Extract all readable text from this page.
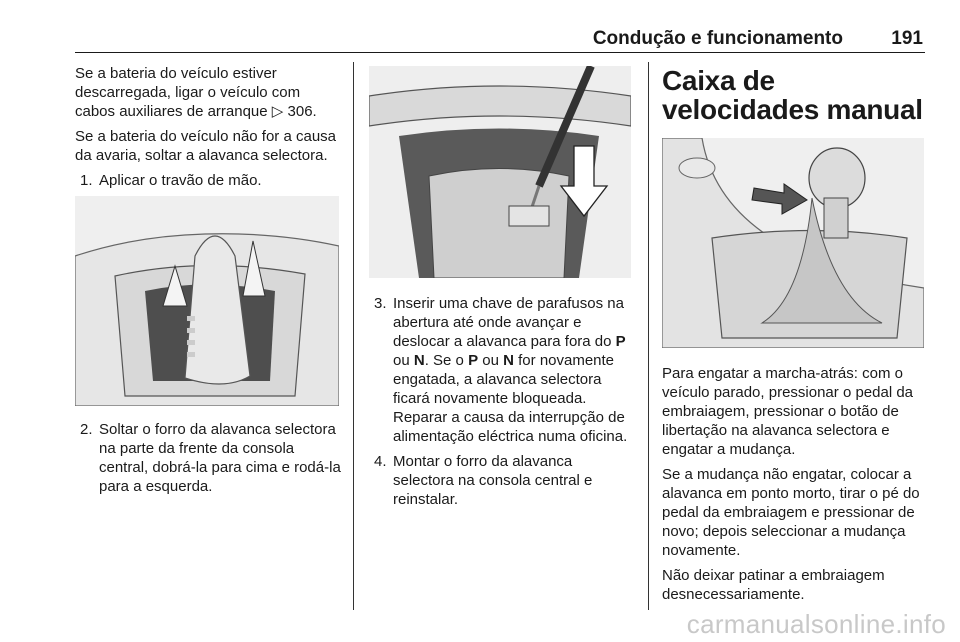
Condução e funcionamento	191

Se a bateria do veículo estiver descarregada, ligar o veículo com cabos auxiliares de arranque ▷ 306.

Se a bateria do veículo não for a causa da avaria, soltar a alavanca selectora.

1. Aplicar o travão de mão.
2. Soltar o forro da alavanca selectora na parte da frente da consola central, dobrá-la para cima e rodá-la para a esquerda.
3. Inserir uma chave de parafusos na abertura até onde avançar e deslocar a alavanca para fora do P ou N. Se o P ou N for novamente engatada, a alavanca selectora ficará novamente bloqueada. Reparar a causa da interrupção de alimentação eléctrica numa oficina.
4. Montar o forro da alavanca selectora na consola central e reinstalar.
Caixa de velocidades manual

Para engatar a marcha-atrás: com o veículo parado, pressionar o pedal da embraiagem, pressionar o botão de libertação na alavanca selectora e engatar a mudança.

Se a mudança não engatar, colocar a alavanca em ponto morto, tirar o pé do pedal da embraiagem e pressionar de novo; depois seleccionar a mudança novamente.

Não deixar patinar a embraiagem desnecessariamente.

carmanualsonline.info
